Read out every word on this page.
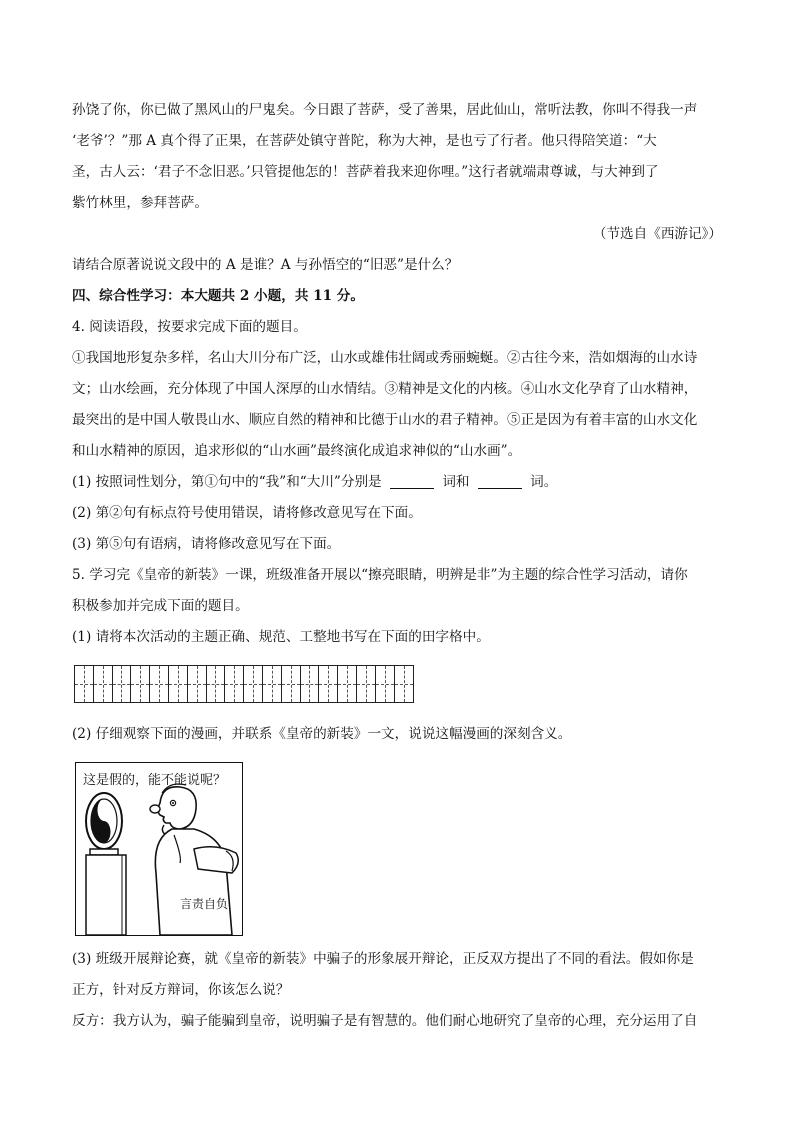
孙饶了你，你已做了黑风山的尸鬼矣。今日跟了菩萨，受了善果，居此仙山，常听法教，你叫不得我一声

‘老爷’？”那 A 真个得了正果，在菩萨处镇守普陀，称为大神，是也亏了行者。他只得陪笑道：“大

圣，古人云：‘君子不念旧恶。’只管提他怎的！菩萨着我来迎你哩。”这行者就端肃尊诚，与大神到了

紫竹林里，参拜菩萨。

（节选自《西游记》）

请结合原著说说文段中的 A 是谁？A 与孙悟空的“旧恶”是什么？

四、综合性学习：本大题共 2 小题，共 11 分。

4. 阅读语段，按要求完成下面的题目。

①我国地形复杂多样，名山大川分布广泛，山水或雄伟壮阔或秀丽蜿蜒。②古往今来，浩如烟海的山水诗

文；山水绘画，充分体现了中国人深厚的山水情结。③精神是文化的内核。④山水文化孕育了山水精神，

最突出的是中国人敬畏山水、顺应自然的精神和比德于山水的君子精神。⑤正是因为有着丰富的山水文化

和山水精神的原因，追求形似的“山水画”最终演化成追求神似的“山水画”。

(1) 按照词性划分，第①句中的“我”和“大川”分别是	词和	词。

(2) 第②句有标点符号使用错误，请将修改意见写在下面。

(3) 第⑤句有语病，请将修改意见写在下面。

5. 学习完《皇帝的新装》一课，班级准备开展以“擦亮眼睛，明辨是非”为主题的综合性学习活动，请你

积极参加并完成下面的题目。

(1) 请将本次活动的主题正确、规范、工整地书写在下面的田字格中。

(2) 仔细观察下面的漫画，并联系《皇帝的新装》一文，说说这幅漫画的深刻含义。

这是假的，能不能说呢？
真
言责自负

(3) 班级开展辩论赛，就《皇帝的新装》中骗子的形象展开辩论，正反双方提出了不同的看法。假如你是

正方，针对反方辩词，你该怎么说？

反方：我方认为，骗子能骗到皇帝，说明骗子是有智慧的。他们耐心地研究了皇帝的心理，充分运用了自
